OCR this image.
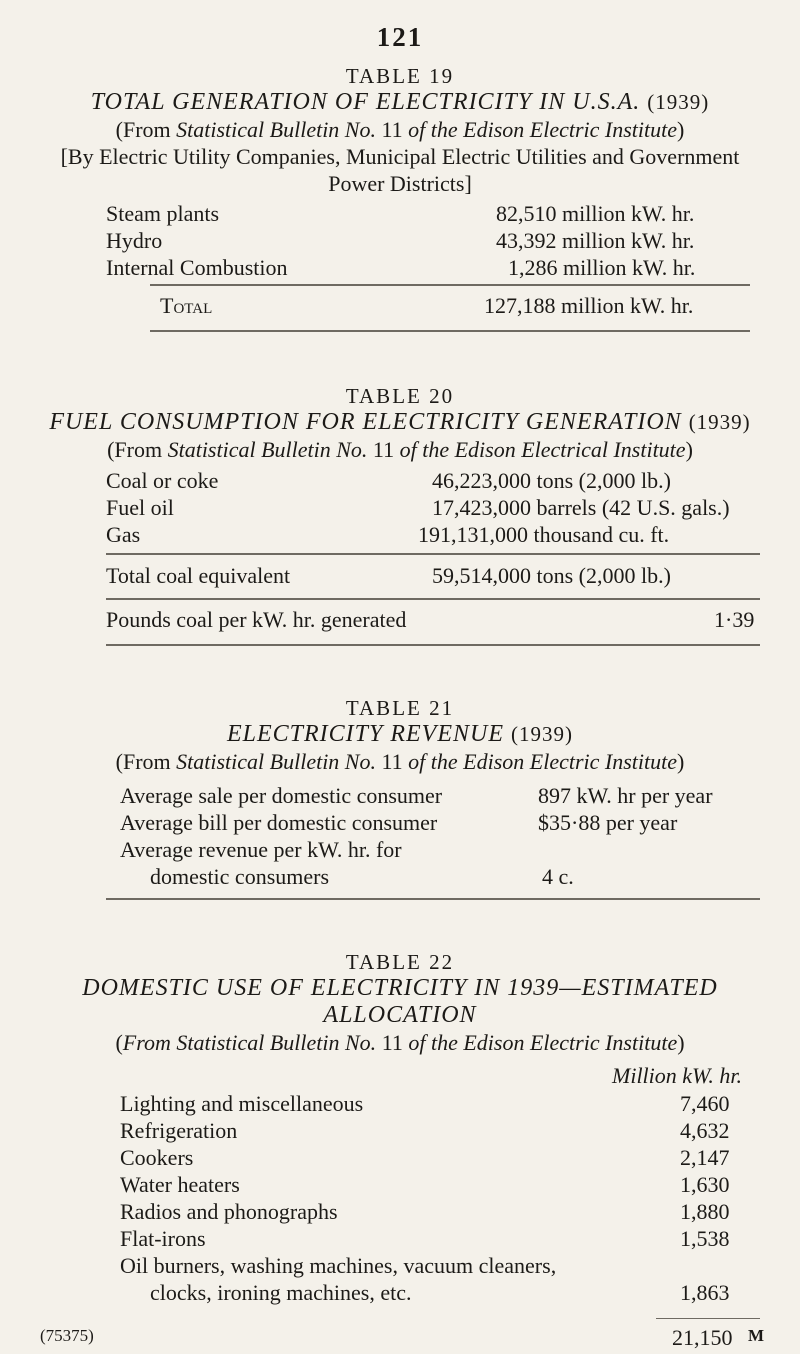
121
TABLE 19
TOTAL GENERATION OF ELECTRICITY IN U.S.A. (1939)
(From Statistical Bulletin No. 11 of the Edison Electric Institute)
[By Electric Utility Companies, Municipal Electric Utilities and Government Power Districts]
Steam plants	82,510 million kW. hr.
Hydro	43,392 million kW. hr.
Internal Combustion	1,286 million kW. hr.
Total	127,188 million kW. hr.
TABLE 20
FUEL CONSUMPTION FOR ELECTRICITY GENERATION (1939)
(From Statistical Bulletin No. 11 of the Edison Electrical Institute)
Coal or coke	46,223,000 tons (2,000 lb.)
Fuel oil	17,423,000 barrels (42 U.S. gals.)
Gas	191,131,000 thousand cu. ft.
Total coal equivalent	59,514,000 tons (2,000 lb.)
Pounds coal per kW. hr. generated	1·39
TABLE 21
ELECTRICITY REVENUE (1939)
(From Statistical Bulletin No. 11 of the Edison Electric Institute)
Average sale per domestic consumer	897 kW. hr per year
Average bill per domestic consumer	$35·88 per year
Average revenue per kW. hr. for
domestic consumers	4 c.
TABLE 22
DOMESTIC USE OF ELECTRICITY IN 1939—ESTIMATED
ALLOCATION
(From Statistical Bulletin No. 11 of the Edison Electric Institute)
Million kW. hr.
Lighting and miscellaneous	7,460
Refrigeration	4,632
Cookers	2,147
Water heaters	1,630
Radios and phonographs	1,880
Flat-irons	1,538
Oil burners, washing machines, vacuum cleaners,
clocks, ironing machines, etc.	1,863
21,150
(75375)	M
